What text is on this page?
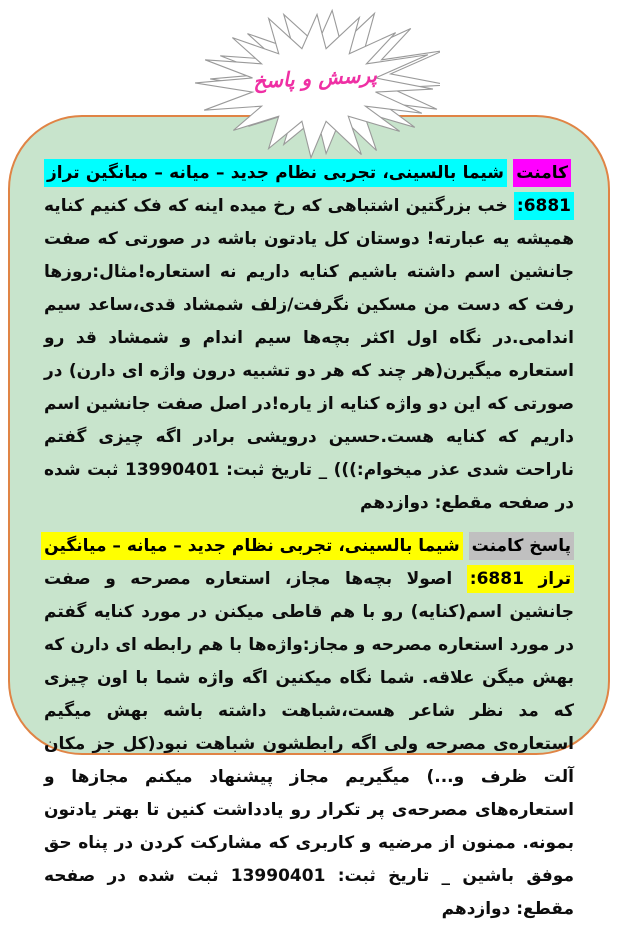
کامنت شیما بالسینی، تجربی نظام جدید – میانه – میانگین تراز 6881: خب بزرگتین اشتباهی که رخ میده اینه که فک کنیم کنایه همیشه یه عبارته! دوستان کل یادتون باشه در صورتی که صفت جانشین اسم داشته باشیم کنایه داریم نه استعاره!مثال:روزها رفت که دست من مسکین نگرفت/زلف شمشاد قدی،ساعد سیم اندامی.در نگاه اول اکثر بچه‌ها سیم اندام و شمشاد قد رو استعاره میگیرن(هر چند که هر دو تشبیه درون واژه ای دارن) در صورتی که این دو واژه کنایه از یاره!در اصل صفت جانشین اسم داریم که کنایه هست.حسین درویشی برادر اگه چیزی گفتم ناراحت شدی عذر میخوام:))) _ تاریخ ثبت: 13990401 ثبت شده در صفحه مقطع: دوازدهم

پاسخ کامنت شیما بالسینی، تجربی نظام جدید – میانه – میانگین تراز 6881: اصولا بچه‌ها مجاز، استعاره مصرحه و صفت جانشین اسم(کنایه) رو با هم قاطی میکنن در مورد کنایه گفتم در مورد استعاره مصرحه و مجاز:واژه‌ها با هم رابطه ای دارن که بهش میگن علاقه. شما نگاه میکنین اگه واژه شما با اون چیزی که مد نظر شاعر هست،شباهت داشته باشه بهش میگیم استعاره‌ی مصرحه ولی اگه رابطشون شباهت نبود(کل جز مکان آلت ظرف و...) میگیریم مجاز پیشنهاد میکنم مجازها و استعاره‌های مصرحه‌ی پر تکرار رو یادداشت کنین تا بهتر یادتون بمونه. ممنون از مرضیه و کاربری که مشارکت کردن در پناه حق موفق باشین _ تاریخ ثبت: 13990401 ثبت شده در صفحه مقطع: دوازدهم

پرسش و پاسخ
